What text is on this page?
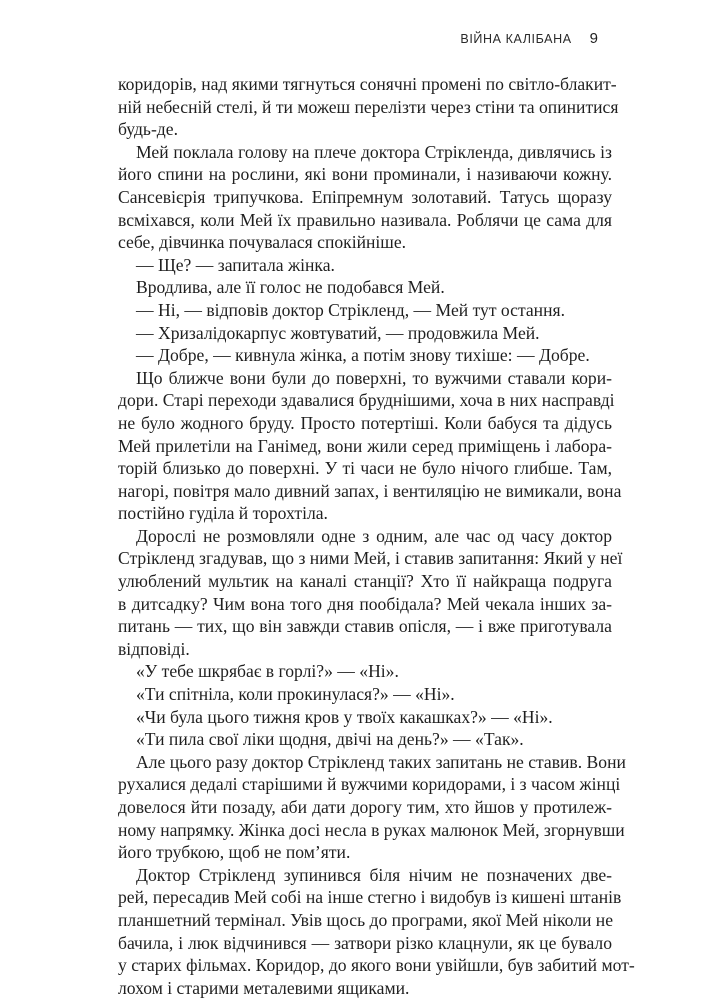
ВІЙНА КАЛІБАНА 9
коридорів, над якими тягнуться сонячні промені по світло-блакит-
ній небесній стелі, й ти можеш перелізти через стіни та опинитися
будь-де.
Мей поклала голову на плече доктора Стрікленда, дивлячись із
його спини на рослини, які вони проминали, і називаючи кожну.
Сансевієрія трипучкова. Епіпремнум золотавий. Татусь щоразу
всміхався, коли Мей їх правильно називала. Роблячи це сама для
себе, дівчинка почувалася спокійніше.
— Ще? — запитала жінка.
Вродлива, але її голос не подобався Мей.
— Ні, — відповів доктор Стрікленд, — Мей тут остання.
— Хризалідокарпус жовтуватий, — продовжила Мей.
— Добре, — кивнула жінка, а потім знову тихіше: — Добре.
Що ближче вони були до поверхні, то вужчими ставали кори-
дори. Старі переходи здавалися бруднішими, хоча в них насправді
не було жодного бруду. Просто потертіші. Коли бабуся та дідусь
Мей прилетіли на Ганімед, вони жили серед приміщень і лабора-
торій близько до поверхні. У ті часи не було нічого глибше. Там,
нагорі, повітря мало дивний запах, і вентиляцію не вимикали, вона
постійно гуділа й торохтіла.
Дорослі не розмовляли одне з одним, але час од часу доктор
Стрікленд згадував, що з ними Мей, і ставив запитання: Який у неї
улюблений мультик на каналі станції? Хто її найкраща подруга
в дитсадку? Чим вона того дня пообідала? Мей чекала інших за-
питань — тих, що він завжди ставив опісля, — і вже приготувала
відповіді.
«У тебе шкрябає в горлі?» — «Ні».
«Ти спітніла, коли прокинулася?» — «Ні».
«Чи була цього тижня кров у твоїх какашках?» — «Ні».
«Ти пила свої ліки щодня, двічі на день?» — «Так».
Але цього разу доктор Стрікленд таких запитань не ставив. Вони
рухалися дедалі старішими й вужчими коридорами, і з часом жінці
довелося йти позаду, аби дати дорогу тим, хто йшов у протилеж-
ному напрямку. Жінка досі несла в руках малюнок Мей, згорнувши
його трубкою, щоб не пом’яти.
Доктор Стрікленд зупинився біля нічим не позначених две-
рей, пересадив Мей собі на інше стегно і видобув із кишені штанів
планшетний термінал. Увів щось до програми, якої Мей ніколи не
бачила, і люк відчинився — затвори різко клацнули, як це бувало
у старих фільмах. Коридор, до якого вони увійшли, був забитий мот-
лохом і старими металевими ящиками.
